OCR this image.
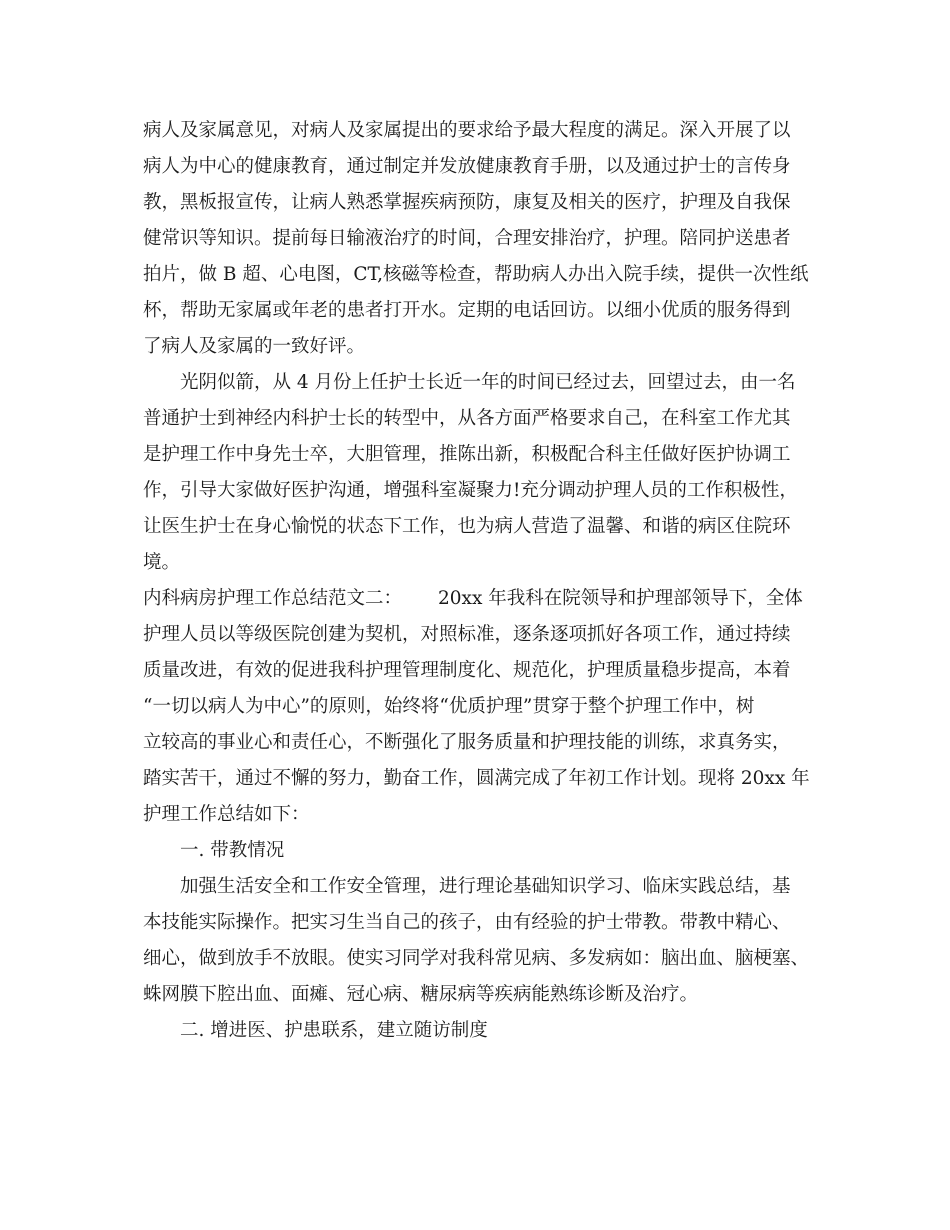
病人及家属意见，对病人及家属提出的要求给予最大程度的满足。深入开展了以
病人为中心的健康教育，通过制定并发放健康教育手册，以及通过护士的言传身
教，黑板报宣传，让病人熟悉掌握疾病预防，康复及相关的医疗，护理及自我保
健常识等知识。提前每日输液治疗的时间，合理安排治疗，护理。陪同护送患者
拍片，做 B 超、心电图，CT,核磁等检查，帮助病人办出入院手续，提供一次性纸
杯，帮助无家属或年老的患者打开水。定期的电话回访。以细小优质的服务得到
了病人及家属的一致好评。
光阴似箭，从 4 月份上任护士长近一年的时间已经过去，回望过去，由一名
普通护士到神经内科护士长的转型中，从各方面严格要求自己，在科室工作尤其
是护理工作中身先士卒，大胆管理，推陈出新，积极配合科主任做好医护协调工
作，引导大家做好医护沟通，增强科室凝聚力!充分调动护理人员的工作积极性，
让医生护士在身心愉悦的状态下工作，也为病人营造了温馨、和谐的病区住院环
境。
内科病房护理工作总结范文二： 20xx 年我科在院领导和护理部领导下，全体
护理人员以等级医院创建为契机，对照标准，逐条逐项抓好各项工作，通过持续
质量改进，有效的促进我科护理管理制度化、规范化，护理质量稳步提高，本着
“一切以病人为中心”的原则，始终将“优质护理”贯穿于整个护理工作中，树
立较高的事业心和责任心，不断强化了服务质量和护理技能的训练，求真务实，
踏实苦干，通过不懈的努力，勤奋工作，圆满完成了年初工作计划。现将 20xx 年
护理工作总结如下：
一. 带教情况
加强生活安全和工作安全管理，进行理论基础知识学习、临床实践总结，基
本技能实际操作。把实习生当自己的孩子，由有经验的护士带教。带教中精心、
细心，做到放手不放眼。使实习同学对我科常见病、多发病如：脑出血、脑梗塞、
蛛网膜下腔出血、面瘫、冠心病、糖尿病等疾病能熟练诊断及治疗。
二. 增进医、护患联系，建立随访制度
